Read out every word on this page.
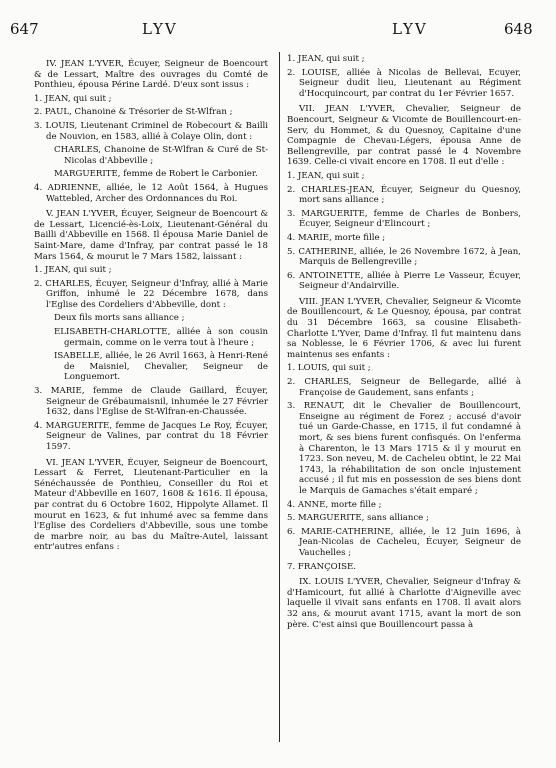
647	LYV	LYV	648

IV. JEAN L'YVER, Écuyer, Seigneur de Boencourt & de Lessart, Maître des ouvrages du Comté de Ponthieu, épousa Périne Lardé. D'eux sont issus :

1. JEAN, qui suit ;

2. PAUL, Chanoine & Trésorier de St-Wlfran ;

3. LOUIS, Lieutenant Criminel de Robecourt & Bailli de Nouvion, en 1583, allié à Colaye Olin, dont :

CHARLES, Chanoine de St-Wlfran & Curé de St-Nicolas d'Abbeville ;

MARGUERITE, femme de Robert le Carbonier.

4. ADRIENNE, alliée, le 12 Août 1564, à Hugues Wattebled, Archer des Ordonnances du Roi.

V. JEAN L'YVER, Écuyer, Seigneur de Boencourt & de Lessart, Licencié-ès-Loix, Lieutenant-Général du Bailli d'Abbeville en 1568. Il épousa Marie Daniel de Saint-Mare, dame d'Infray, par contrat passé le 18 Mars 1564, & mourut le 7 Mars 1582, laissant :

1. JEAN, qui suit ;

2. CHARLES, Écuyer, Seigneur d'Infray, allié à Marie Griffon, inhumé le 22 Décembre 1678, dans l'Eglise des Cordeliers d'Abbeville, dont :

Deux fils morts sans alliance ;

ELISABETH-CHARLOTTE, alliée à son cousin germain, comme on le verra tout à l'heure ;

ISABELLE, alliée, le 26 Avril 1663, à Henri-René de Maisniel, Chevalier, Seigneur de Longuemort.

3. MARIE, femme de Claude Gaillard, Écuyer, Seigneur de Grébaumaisnil, inhumée le 27 Février 1632, dans l'Eglise de St-Wlfran-en-Chaussée.

4. MARGUERITE, femme de Jacques Le Roy, Écuyer, Seigneur de Valines, par contrat du 18 Février 1597.

VI. JEAN L'YVER, Écuyer, Seigneur de Boencourt, Lessart & Ferret, Lieutenant-Particulier en la Sénéchaussée de Ponthieu, Conseiller du Roi et Mateur d'Abbeville en 1607, 1608 & 1616. Il épousa, par contrat du 6 Octobre 1602, Hippolyte Allamet. Il mourut en 1623, & fut inhumé avec sa femme dans l'Eglise des Cordeliers d'Abbeville, sous une tombe de marbre noir, au bas du Maître-Autel, laissant entr'autres enfans :

1. JEAN, qui suit ;

2. LOUISE, alliée à Nicolas de Bellevai, Ecuyer, Seigneur dudit lieu, Lieutenant au Régiment d'Hocquincourt, par contrat du 1er Février 1657.

VII. JEAN L'YVER, Chevalier, Seigneur de Boencourt, Seigneur & Vicomte de Bouillencourt-en-Serv, du Hommet, & du Quesnoy, Capitaine d'une Compagnie de Chevau-Légers, épousa Anne de Bellengreville, par contrat passé le 4 Novembre 1639. Celle-ci vivait encore en 1708. Il eut d'elle :

1. JEAN, qui suit ;

2. CHARLES-JEAN, Écuyer, Seigneur du Quesnoy, mort sans alliance ;

3. MARGUERITE, femme de Charles de Bonbers, Écuyer, Seigneur d'Elincourt ;

4. MARIE, morte fille ;

5. CATHERINE, alliée, le 26 Novembre 1672, à Jean, Marquis de Bellengreville ;

6. ANTOINETTE, alliée à Pierre Le Vasseur, Écuyer, Seigneur d'Andairville.

VIII. JEAN L'YVER, Chevalier, Seigneur & Vicomte de Bouillencourt, & Le Quesnoy, épousa, par contrat du 31 Décembre 1663, sa cousine Elisabeth-Charlotte L'Yver, Dame d'Infray. Il fut maintenu dans sa Noblesse, le 6 Février 1706, & avec lui furent maintenus ses enfants :

1. LOUIS, qui suit ;

2. CHARLES, Seigneur de Bellegarde, allié à Françoise de Gaudement, sans enfants ;

3. RENAUT, dit le Chevalier de Bouillencourt, Enseigne au régiment de Forez ; accusé d'avoir tué un Garde-Chasse, en 1715, il fut condamné à mort, & ses biens furent confisqués. On l'enferma à Charenton, le 13 Mars 1715 & il y mourut en 1723. Son neveu, M. de Cacheleu obtint, le 22 Mai 1743, la réhabilitation de son oncle injustement accusé ; il fut mis en possession de ses biens dont le Marquis de Gamaches s'était emparé ;

4. ANNE, morte fille ;

5. MARGUERITE, sans alliance ;

6. MARIE-CATHERINE, alliée, le 12 Juin 1696, à Jean-Nicolas de Cacheleu, Écuyer, Seigneur de Vauchelles ;

7. FRANÇOISE.

IX. LOUIS L'YVER, Chevalier, Seigneur d'Infray & d'Hamicourt, fut allié à Charlotte d'Aigneville avec laquelle il vivait sans enfants en 1708. Il avait alors 32 ans, & mourut avant 1715, avant la mort de son père. C'est ainsi que Bouillencourt passa à
